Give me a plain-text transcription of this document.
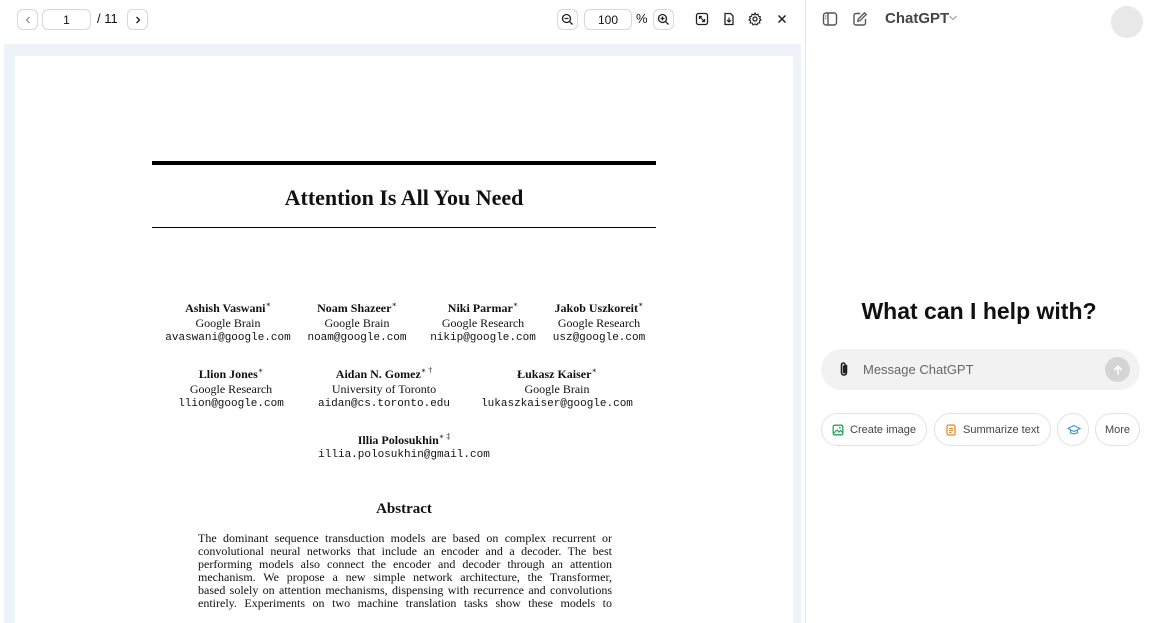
1
/ 11
100	%
Attention Is All You Need
Ashish Vaswani∗
Google Brain
avaswani@google.com
Noam Shazeer∗
Google Brain
noam@google.com
Niki Parmar∗
Google Research
nikip@google.com
Jakob Uszkoreit∗
Google Research
usz@google.com
Llion Jones∗
Google Research
llion@google.com
Aidan N. Gomez∗ †
University of Toronto
aidan@cs.toronto.edu
Łukasz Kaiser∗
Google Brain
lukaszkaiser@google.com
Illia Polosukhin∗ ‡
illia.polosukhin@gmail.com
Abstract
The dominant sequence transduction models are based on complex recurrent or
convolutional neural networks that include an encoder and a decoder. The best
performing models also connect the encoder and decoder through an attention
mechanism. We propose a new simple network architecture, the Transformer,
based solely on attention mechanisms, dispensing with recurrence and convolutions
entirely. Experiments on two machine translation tasks show these models to
ChatGPT
What can I help with?
Message ChatGPT
Create image	Summarize text	More
